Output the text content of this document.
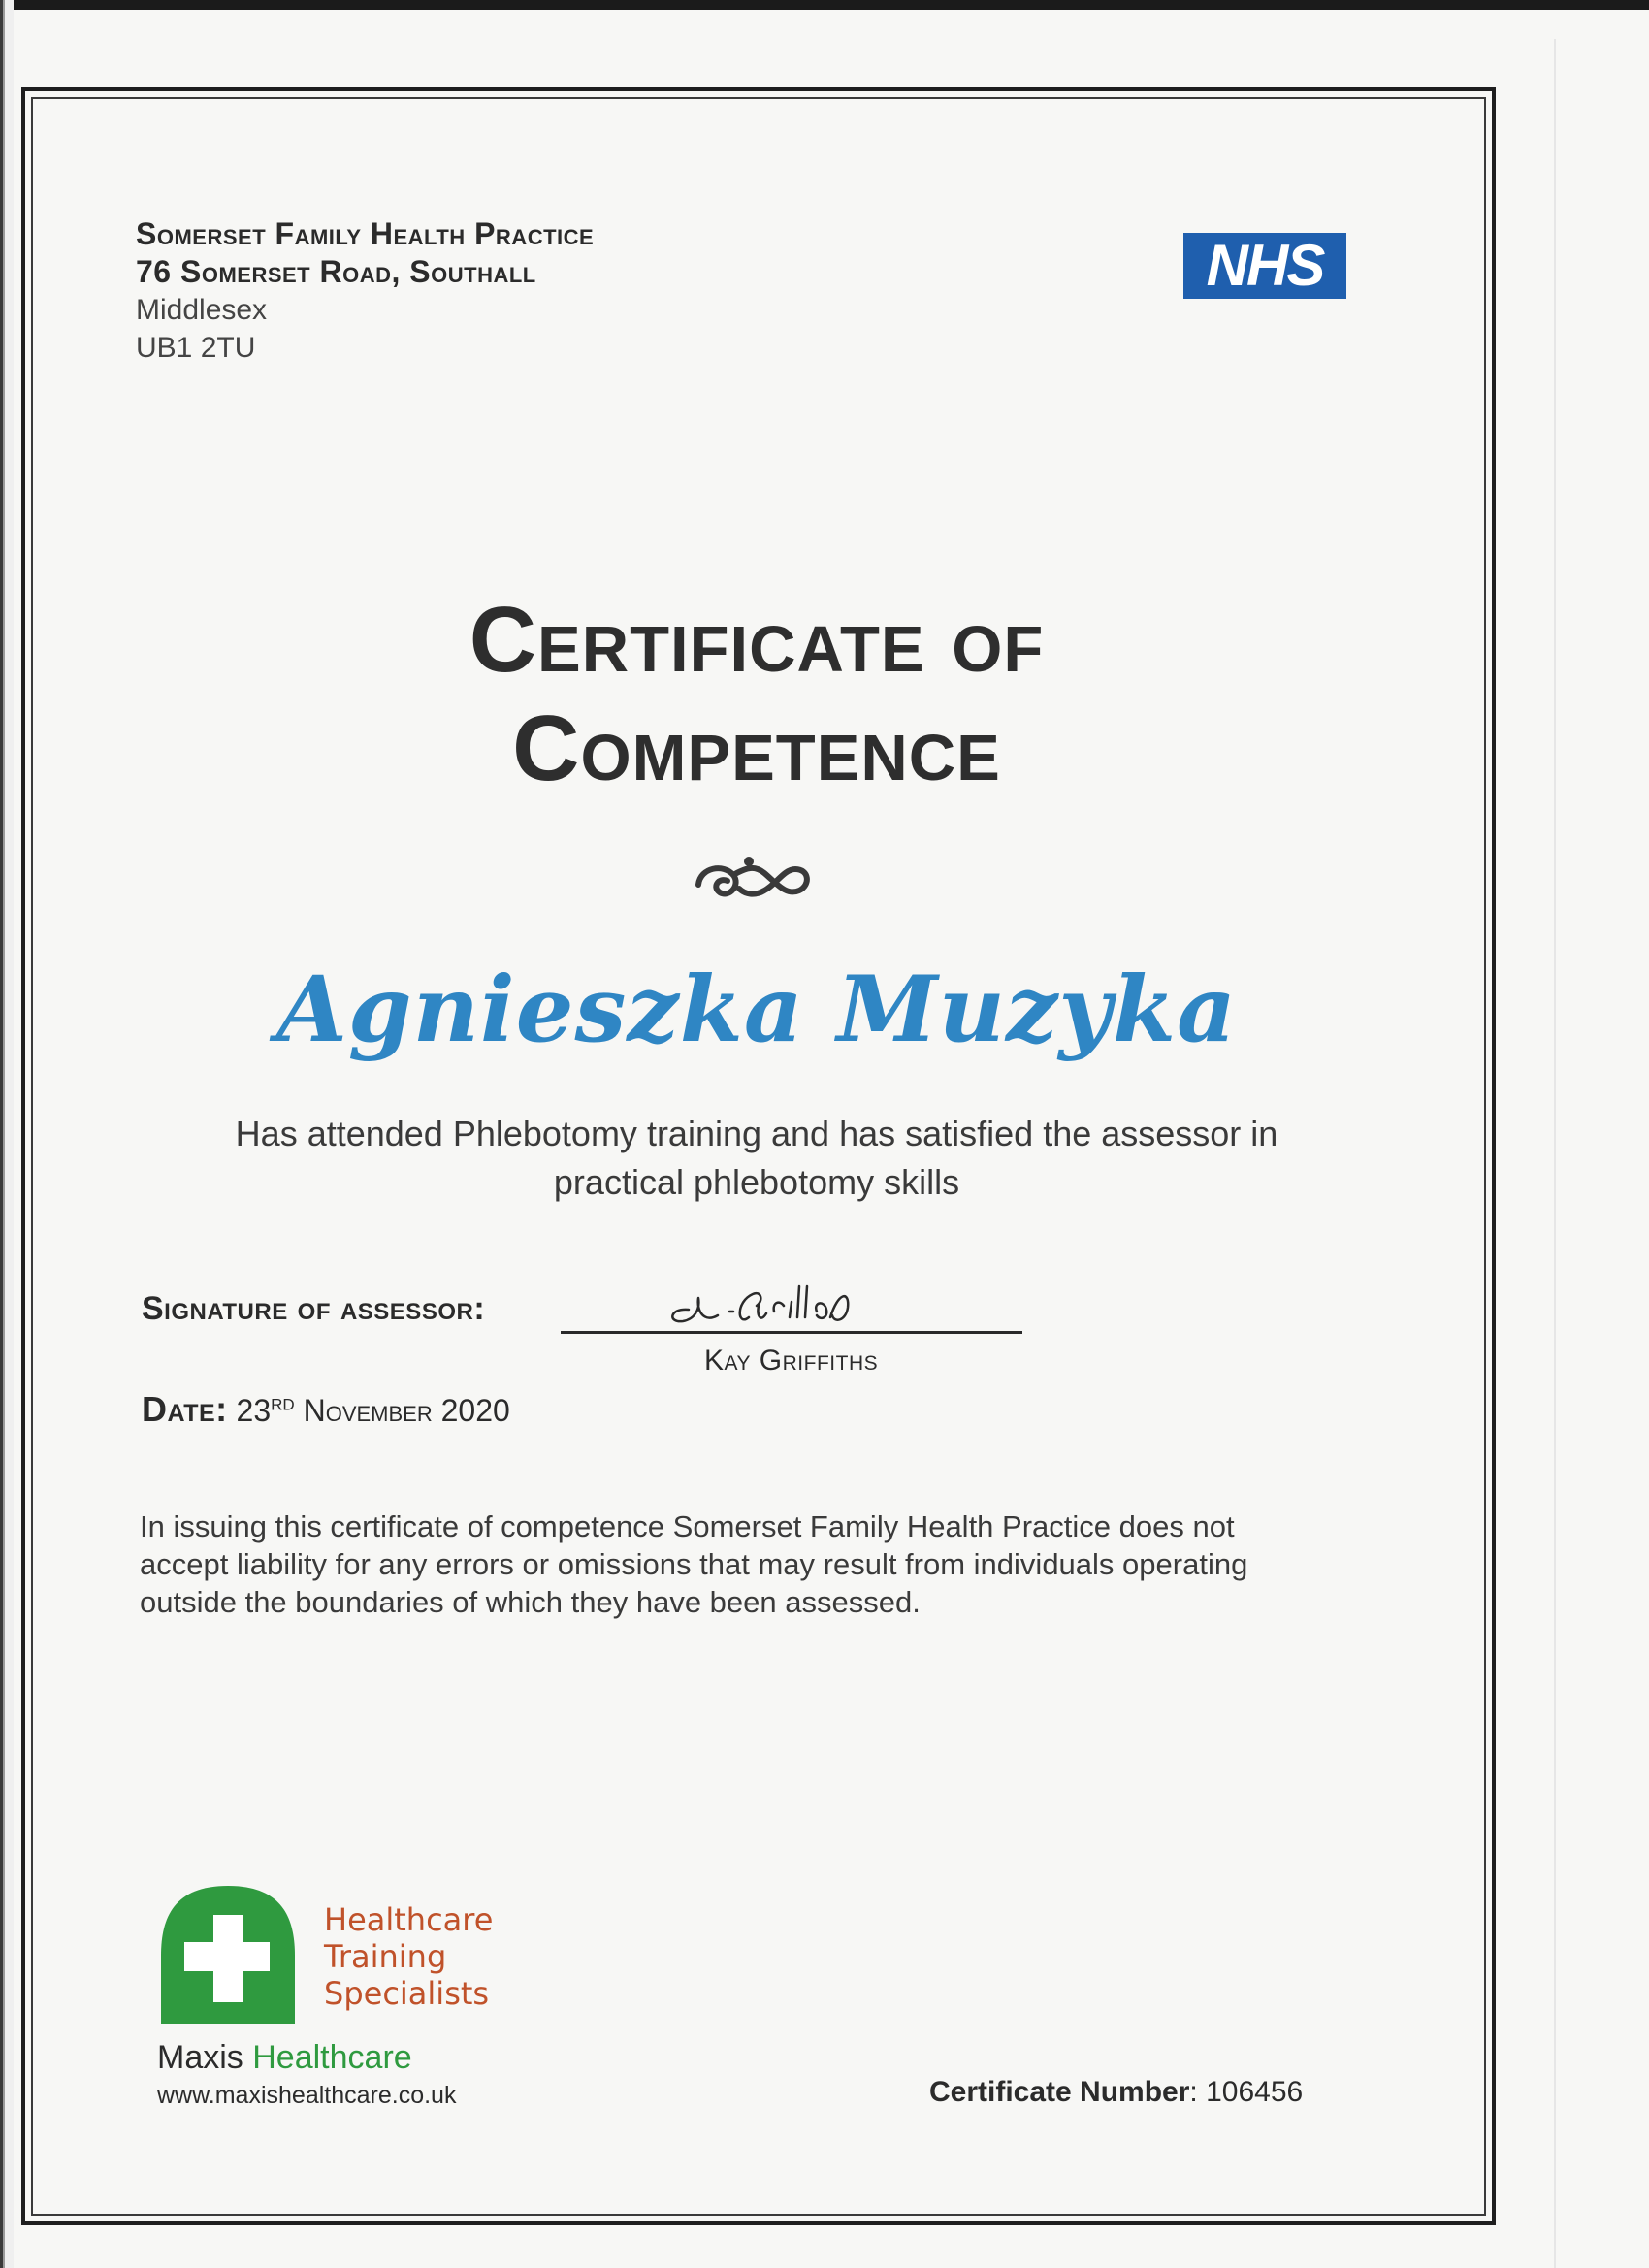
Somerset Family Health Practice
76 Somerset Road, Southall
Middlesex
UB1 2TU
NHS
Certificate of
Competence
Agnieszka Muzyka
Has attended Phlebotomy training and has satisfied the assessor in
practical phlebotomy skills
Signature of assessor:
Kay Griffiths
Date: 23RD November 2020
In issuing this certificate of competence Somerset Family Health Practice does not
accept liability for any errors or omissions that may result from individuals operating
outside the boundaries of which they have been assessed.
Healthcare
Training
Specialists
Maxis Healthcare
www.maxishealthcare.co.uk	Certificate Number: 106456
